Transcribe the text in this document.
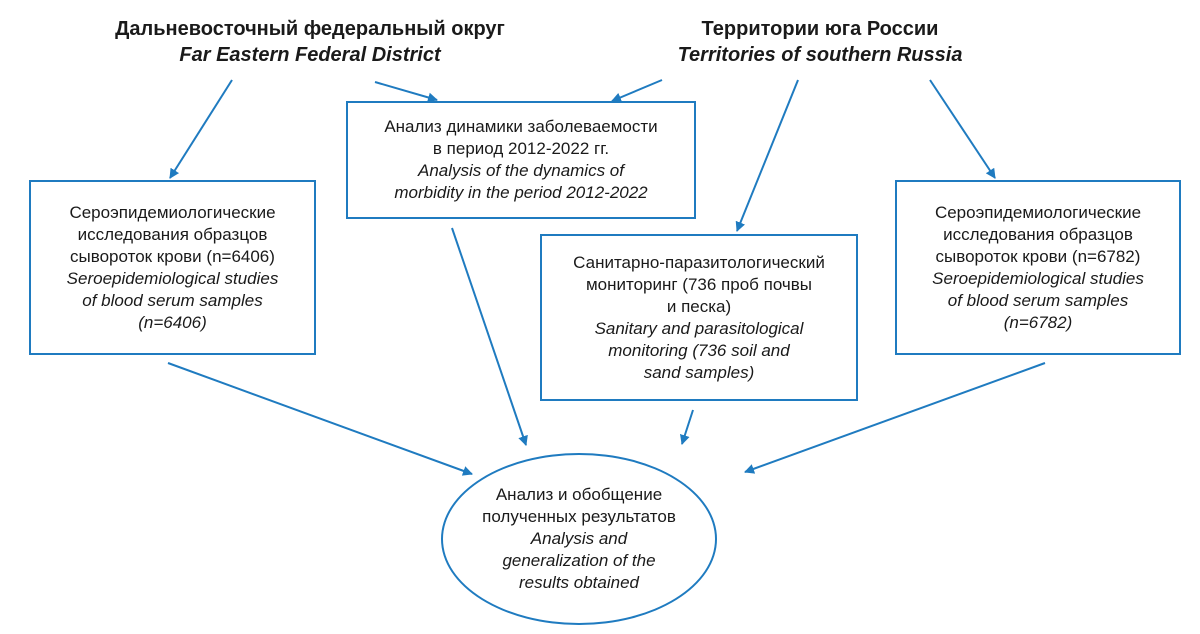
Дальневосточный федеральный округ
Far Eastern Federal District
Территории юга России
Territories of southern Russia
Анализ динамики заболеваемости
в период 2012-2022 гг.
Analysis of the dynamics of
morbidity in the period 2012-2022
Сероэпидемиологические
исследования образцов
сывороток крови (n=6406)
Seroepidemiological studies
of blood serum samples
(n=6406)
Санитарно-паразитологический
мониторинг (736 проб почвы
и песка)
Sanitary and parasitological
monitoring (736 soil and
sand samples)
Сероэпидемиологические
исследования образцов
сывороток крови (n=6782)
Seroepidemiological studies
of blood serum samples
(n=6782)
Анализ и обобщение
полученных результатов
Analysis and
generalization of the
results obtained
